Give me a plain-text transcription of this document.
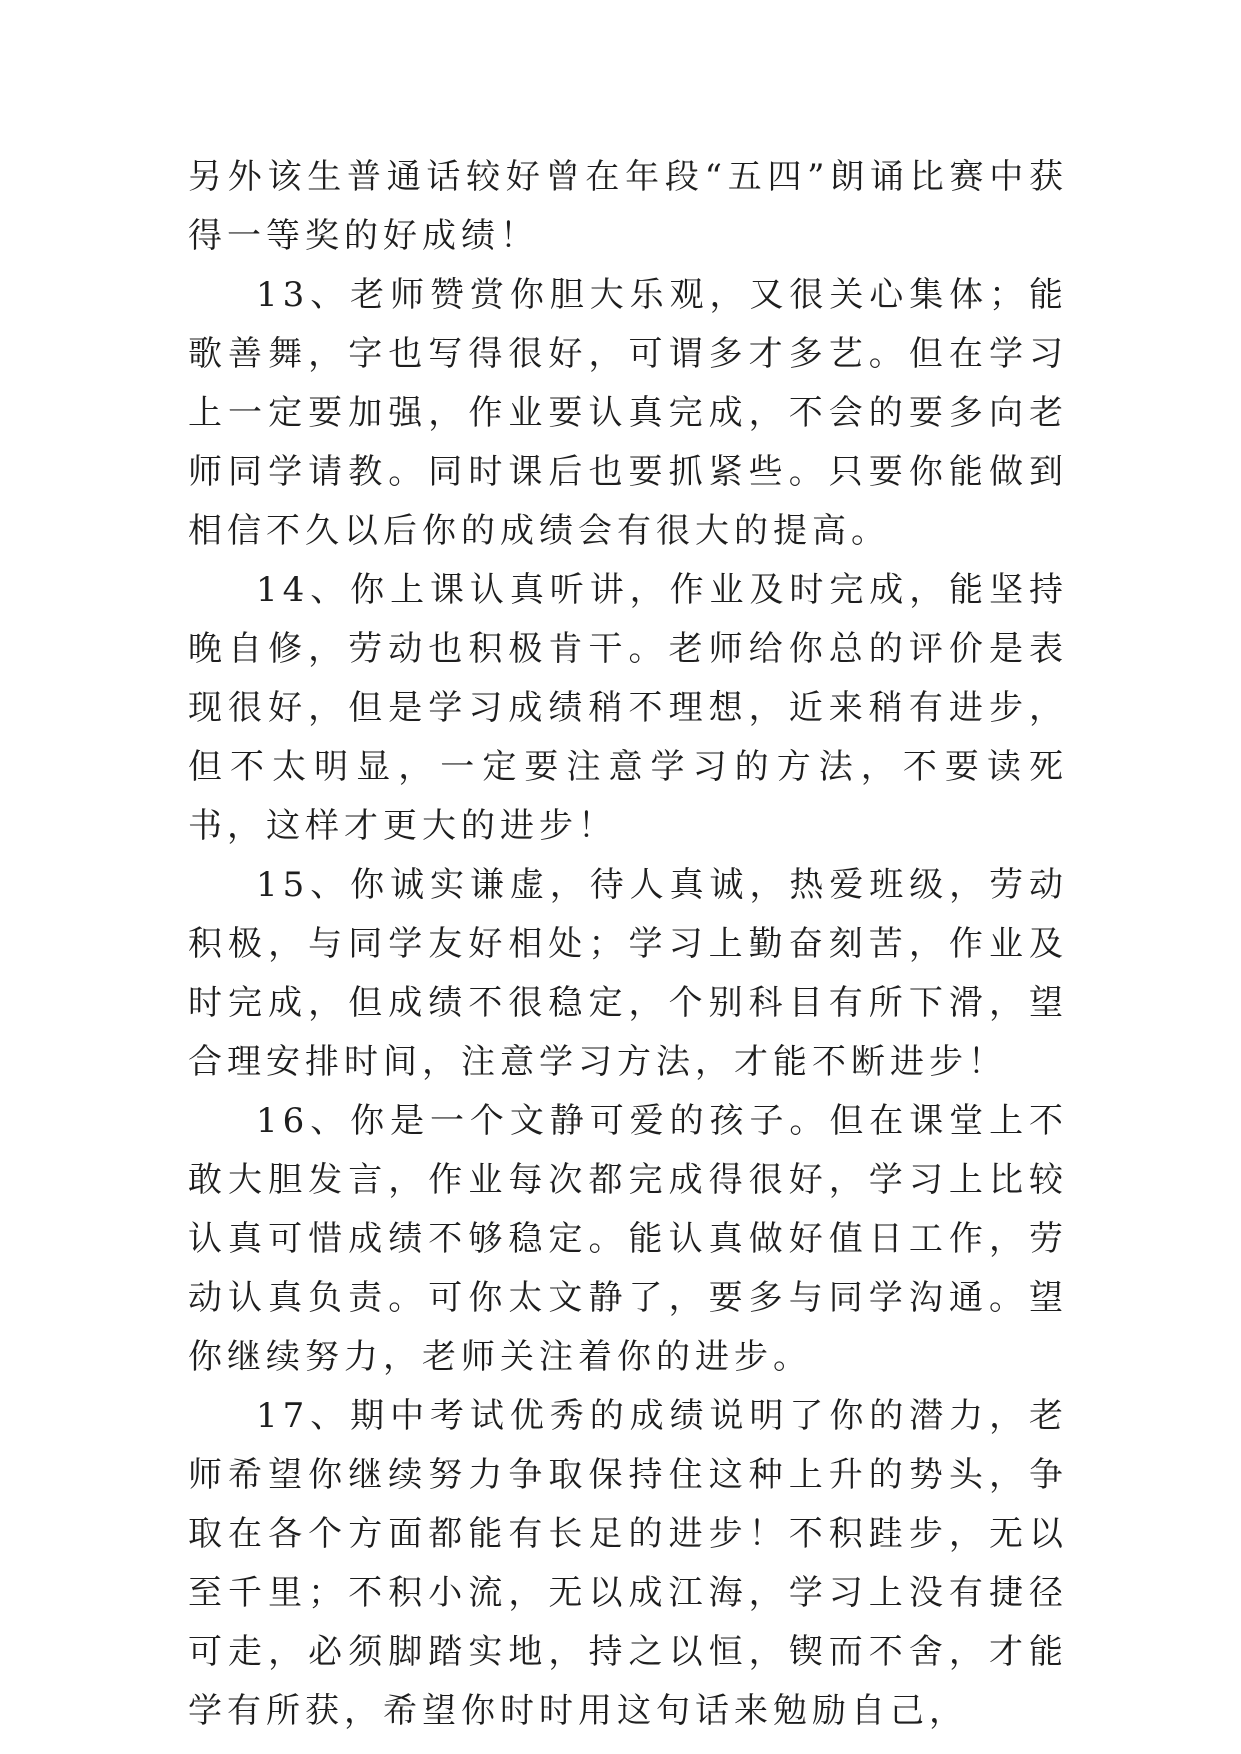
另外该生普通话较好曾在年段“五四”朗诵比赛中获得一等奖的好成绩！

13、老师赞赏你胆大乐观，又很关心集体；能歌善舞，字也写得很好，可谓多才多艺。但在学习上一定要加强，作业要认真完成，不会的要多向老师同学请教。同时课后也要抓紧些。只要你能做到相信不久以后你的成绩会有很大的提高。

14、你上课认真听讲，作业及时完成，能坚持晚自修，劳动也积极肯干。老师给你总的评价是表现很好，但是学习成绩稍不理想，近来稍有进步，但不太明显，一定要注意学习的方法，不要读死书，这样才更大的进步！

15、你诚实谦虚，待人真诚，热爱班级，劳动积极，与同学友好相处；学习上勤奋刻苦，作业及时完成，但成绩不很稳定，个别科目有所下滑，望合理安排时间，注意学习方法，才能不断进步！

16、你是一个文静可爱的孩子。但在课堂上不敢大胆发言，作业每次都完成得很好，学习上比较认真可惜成绩不够稳定。能认真做好值日工作，劳动认真负责。可你太文静了，要多与同学沟通。望你继续努力，老师关注着你的进步。

17、期中考试优秀的成绩说明了你的潜力，老师希望你继续努力争取保持住这种上升的势头，争取在各个方面都能有长足的进步！不积跬步，无以至千里；不积小流，无以成江海，学习上没有捷径可走，必须脚踏实地，持之以恒，锲而不舍，才能学有所获，希望你时时用这句话来勉励自己，
